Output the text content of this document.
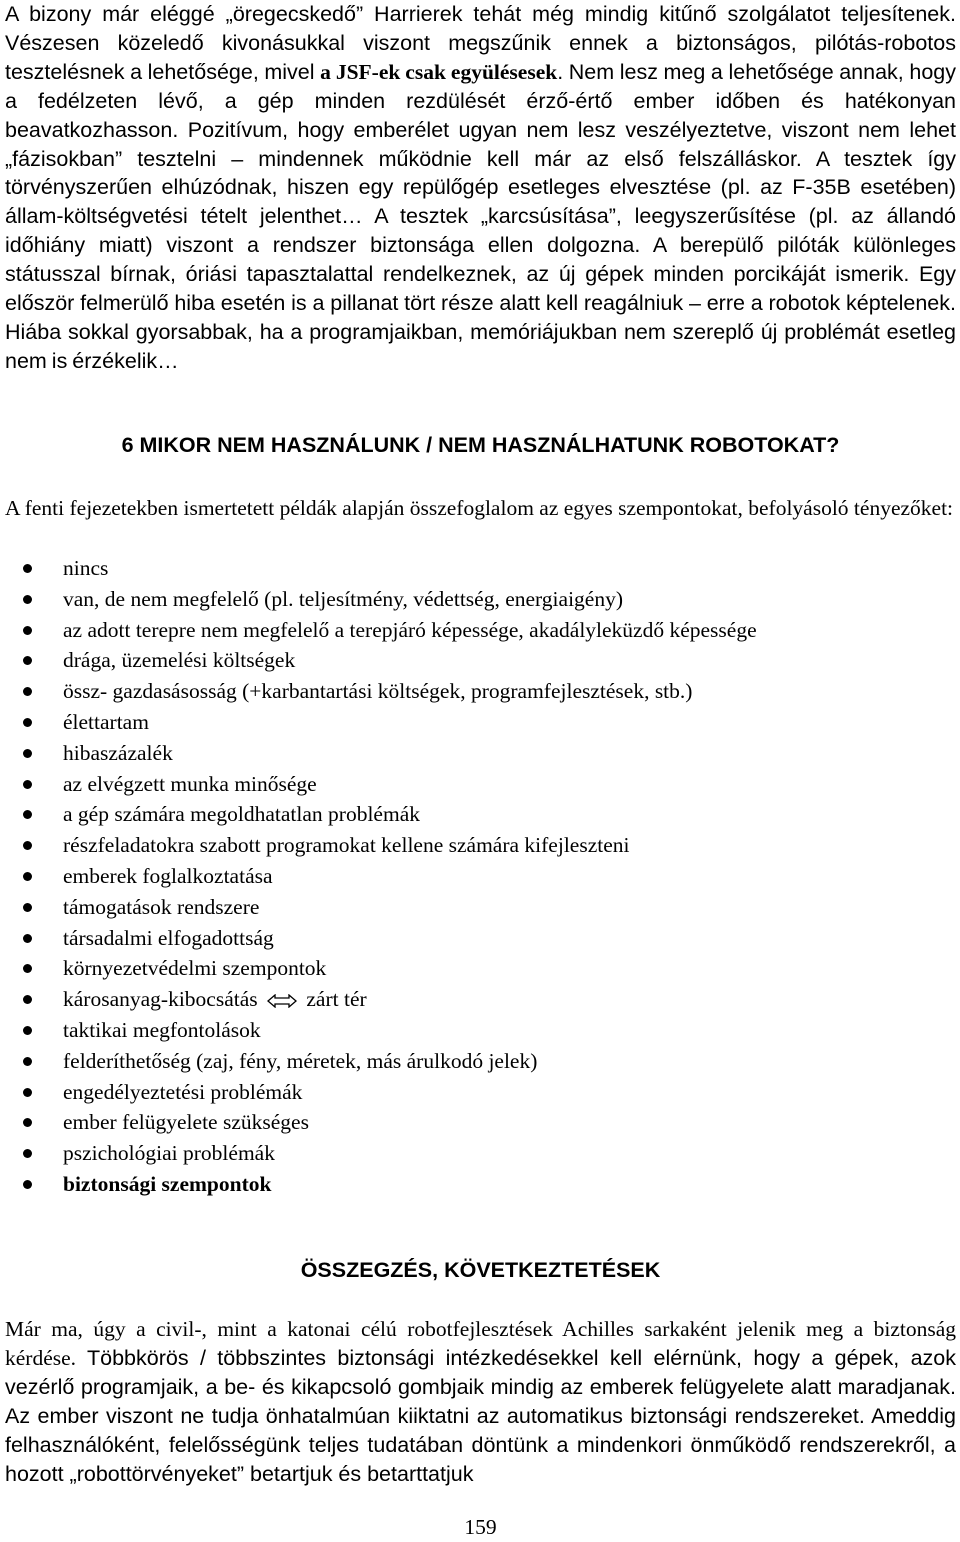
A bizony már eléggé „öregecskedő” Harrierek tehát még mindig kitűnő szolgálatot teljesítenek. Vészesen közeledő kivonásukkal viszont megszűnik ennek a biztonságos, pilótás-robotos tesztelésnek a lehetősége, mivel a JSF-ek csak együlésesek. Nem lesz meg a lehetősége annak, hogy a fedélzeten lévő, a gép minden rezdülését érző-értő ember időben és hatékonyan beavatkozhasson. Pozitívum, hogy emberélet ugyan nem lesz veszélyeztetve, viszont nem lehet „fázisokban” tesztelni – mindennek működnie kell már az első felszálláskor. A tesztek így törvényszerűen elhúzódnak, hiszen egy repülőgép esetleges elvesztése (pl. az F-35B esetében) állam-költségvetési tételt jelenthet… A tesztek „karcsúsítása”, leegyszerűsítése (pl. az állandó időhiány miatt) viszont a rendszer biztonsága ellen dolgozna. A berepülő pilóták különleges státusszal bírnak, óriási tapasztalattal rendelkeznek, az új gépek minden porcikáját ismerik. Egy először felmerülő hiba esetén is a pillanat tört része alatt kell reagálniuk – erre a robotok képtelenek. Hiába sokkal gyorsabbak, ha a programjaikban, memóriájukban nem szereplő új problémát esetleg nem is érzékelik…

6 MIKOR NEM HASZNÁLUNK / NEM HASZNÁLHATUNK ROBOTOKAT?

A fenti fejezetekben ismertetett példák alapján összefoglalom az egyes szempontokat, befolyásoló tényezőket:

nincs
van, de nem megfelelő (pl. teljesítmény, védettség, energiaigény)
az adott terepre nem megfelelő a terepjáró képessége, akadályleküzdő képessége
drága, üzemelési költségek
össz- gazdasásosság (+karbantartási költségek, programfejlesztések, stb.)
élettartam
hibaszázalék
az elvégzett munka minősége
a gép számára megoldhatatlan problémák
részfeladatokra szabott programokat kellene számára kifejleszteni
emberek foglalkoztatása
támogatások rendszere
társadalmi elfogadottság
környezetvédelmi szempontok
károsanyag-kibocsátás zárt tér
taktikai megfontolások
felderíthetőség (zaj, fény, méretek, más árulkodó jelek)
engedélyeztetési problémák
ember felügyelete szükséges
pszichológiai problémák
biztonsági szempontok
ÖSSZEGZÉS, KÖVETKEZTETÉSEK

Már ma, úgy a civil-, mint a katonai célú robotfejlesztések Achilles sarkaként jelenik meg a biztonság kérdése. Többkörös / többszintes biztonsági intézkedésekkel kell elérnünk, hogy a gépek, azok vezérlő programjaik, a be- és kikapcsoló gombjaik mindig az emberek felügyelete alatt maradjanak. Az ember viszont ne tudja önhatalmúan kiiktatni az automatikus biztonsági rendszereket. Ameddig felhasználóként, felelősségünk teljes tudatában döntünk a mindenkori önműködő rendszerekről, a hozott „robottörvényeket” betartjuk és betarttatjuk

159
